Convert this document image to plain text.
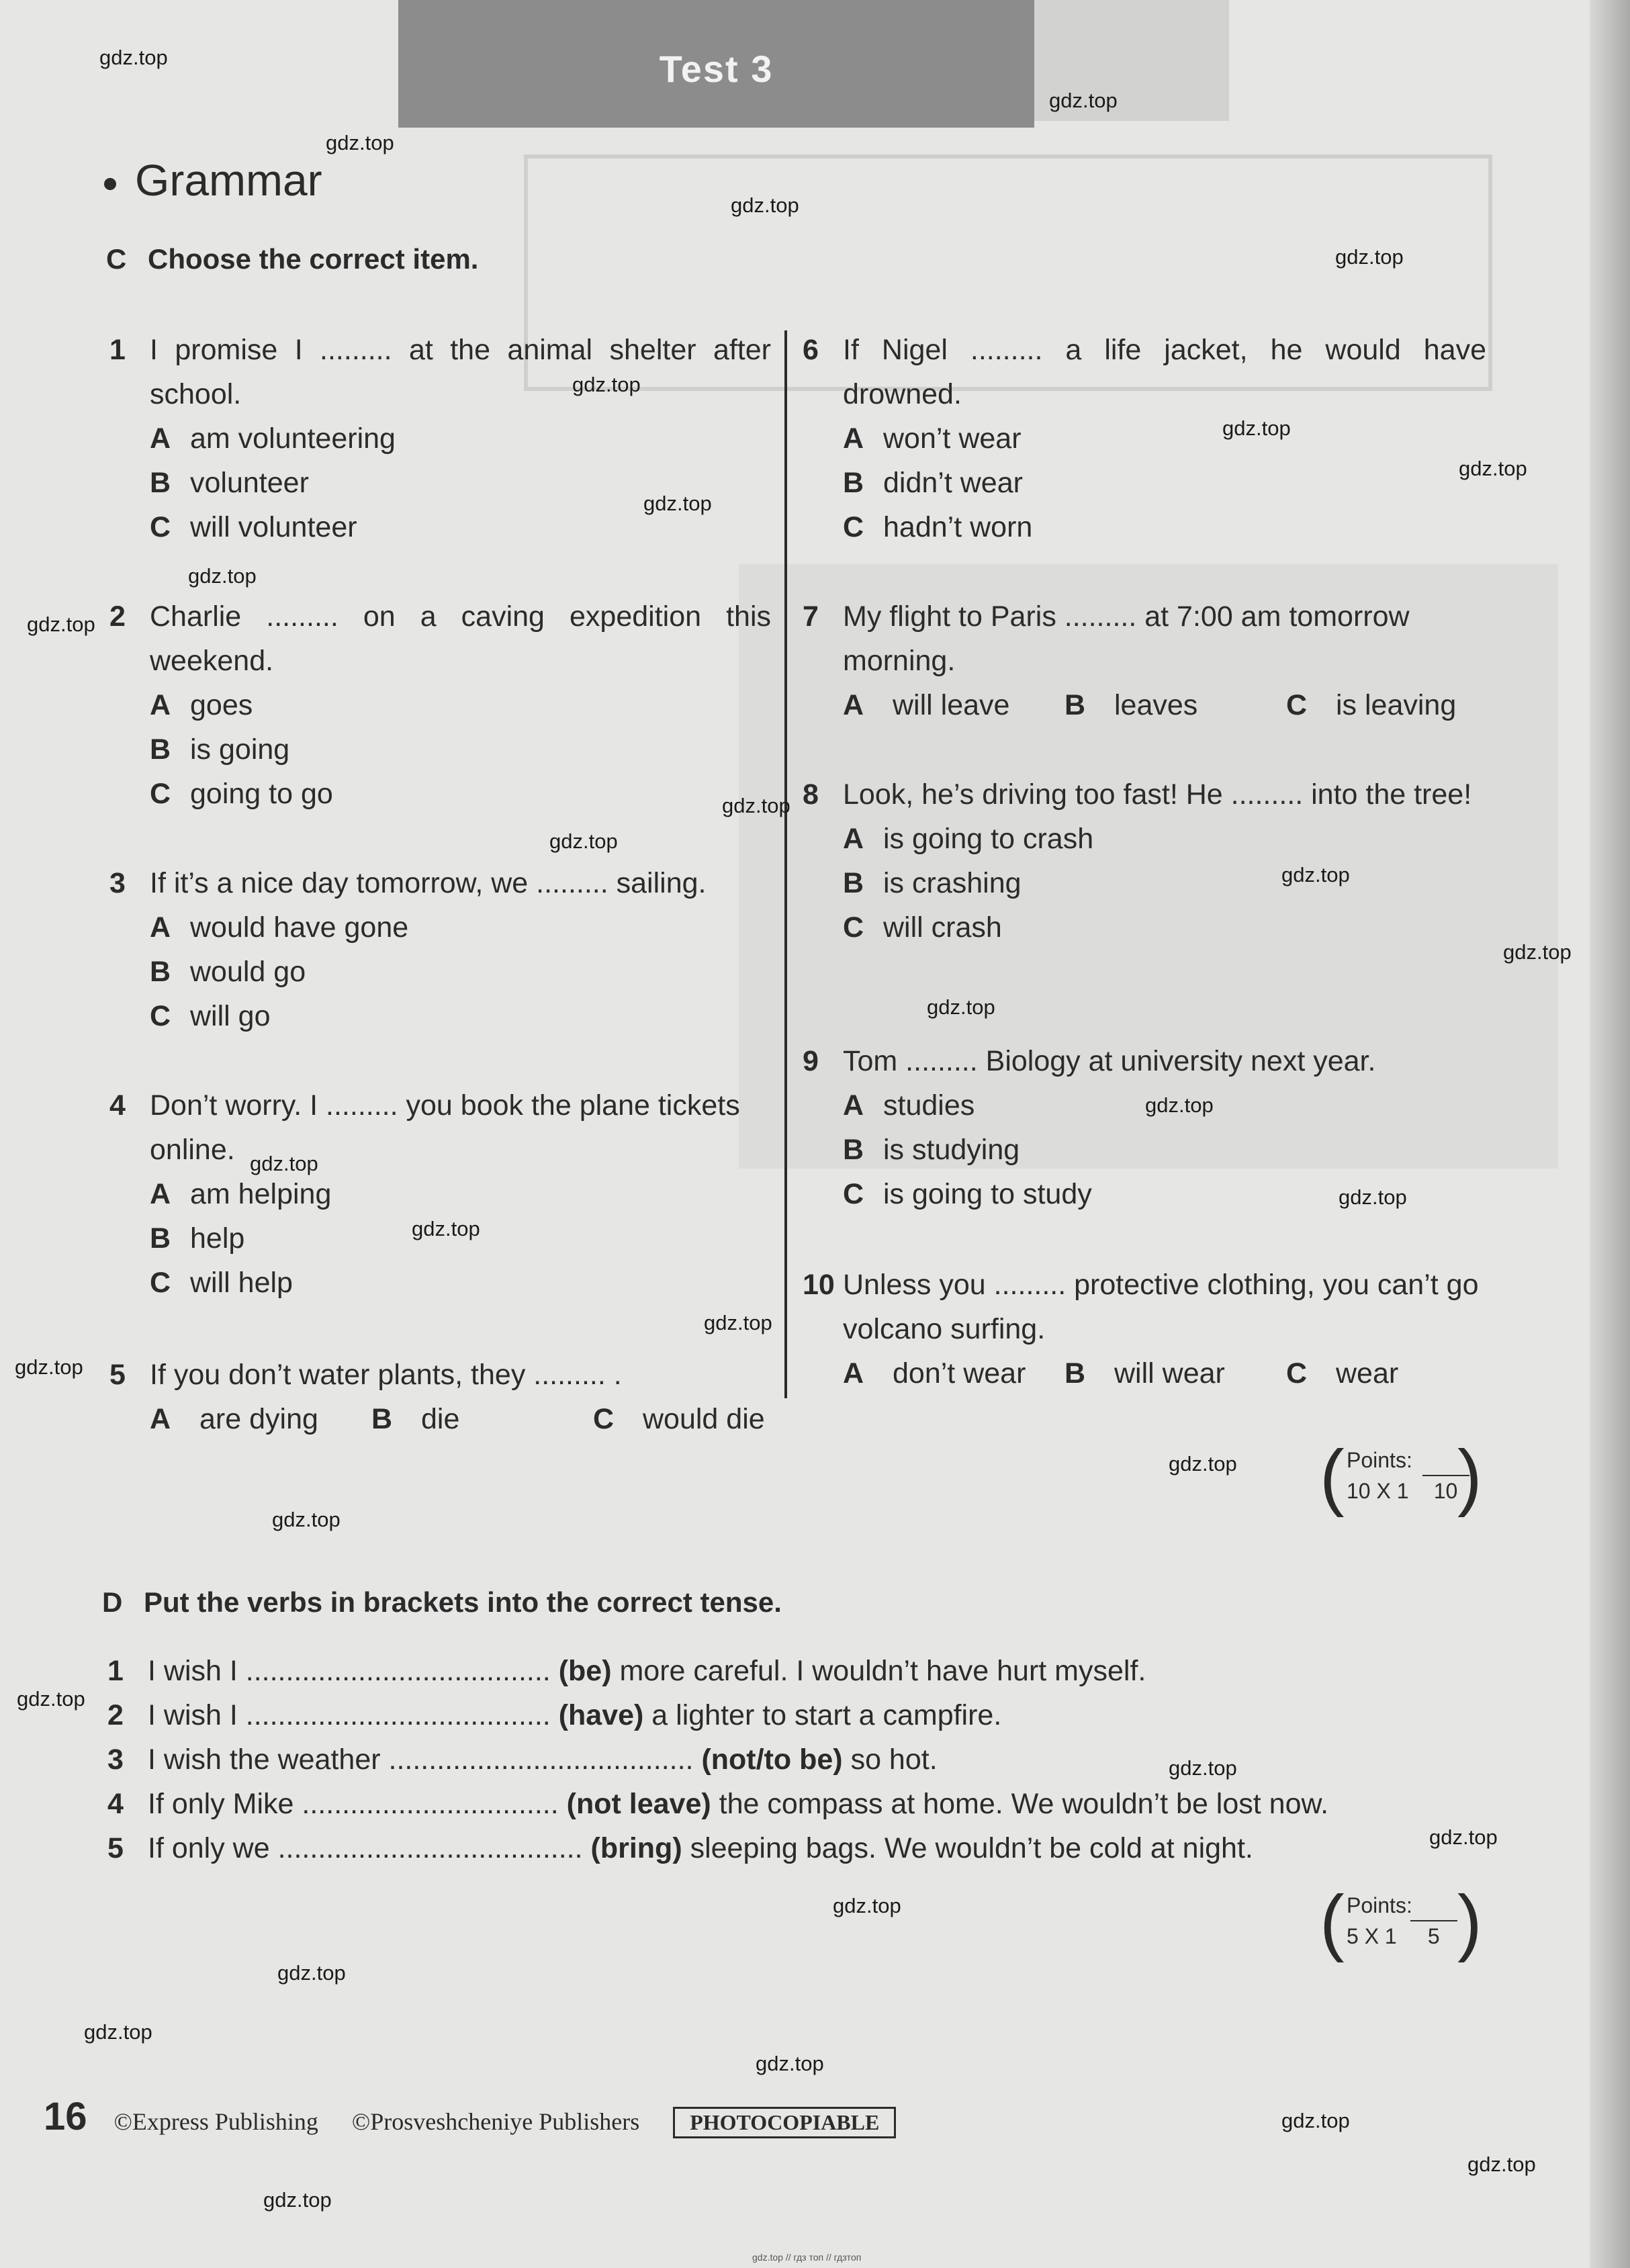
Test 3
Grammar
C Choose the correct item.
1 I promise I ......... at the animal shelter after school.
A am volunteering
B volunteer
C will volunteer
2 Charlie ......... on a caving expedition this weekend.
A goes
B is going
C going to go
3 If it’s a nice day tomorrow, we ......... sailing.
A would have gone
B would go
C will go
4 Don’t worry. I ......... you book the plane tickets online.
A am helping
B help
C will help
5 If you don’t water plants, they ......... .
A are dying B die	C would die
6 If Nigel ......... a life jacket, he would have drowned.
A won’t wear
B didn’t wear
C hadn’t worn
7 My flight to Paris ......... at 7:00 am tomorrow morning.
A will leave B leaves	C is leaving
8 Look, he’s driving too fast! He ......... into the tree!
A is going to crash
B is crashing
C will crash
9 Tom ......... Biology at university next year.
A studies
B is studying
C is going to study
10 Unless you ......... protective clothing, you can’t go volcano surfing.
A don’t wear B will wear C wear
( Points:
10 X 1 10 )
D Put the verbs in brackets into the correct tense.
1 I wish I ...................................... (be) more careful. I wouldn’t have hurt myself.
2 I wish I ...................................... (have) a lighter to start a campfire.
3 I wish the weather ...................................... (not/to be) so hot.
4 If only Mike ................................ (not leave) the compass at home. We wouldn’t be lost now.
5 If only we ...................................... (bring) sleeping bags. We wouldn’t be cold at night.
( Points:
5 X 1 5 )
16 ©Express Publishing ©Prosveshcheniye Publishers PHOTOCOPIABLE
gdz.top
gdz.top
gdz.top
gdz.top
gdz.top
gdz.top
gdz.top
gdz.top
gdz.top
gdz.top
gdz.top
gdz.top
gdz.top
gdz.top
gdz.top
gdz.top
gdz.top
gdz.top
gdz.top
gdz.top
gdz.top
gdz.top
gdz.top
gdz.top
gdz.top
gdz.top
gdz.top
gdz.top
gdz.top
gdz.top
gdz.top
gdz.top
gdz.top
gdz.top
gdz.top // гдз топ // гдзтоп
